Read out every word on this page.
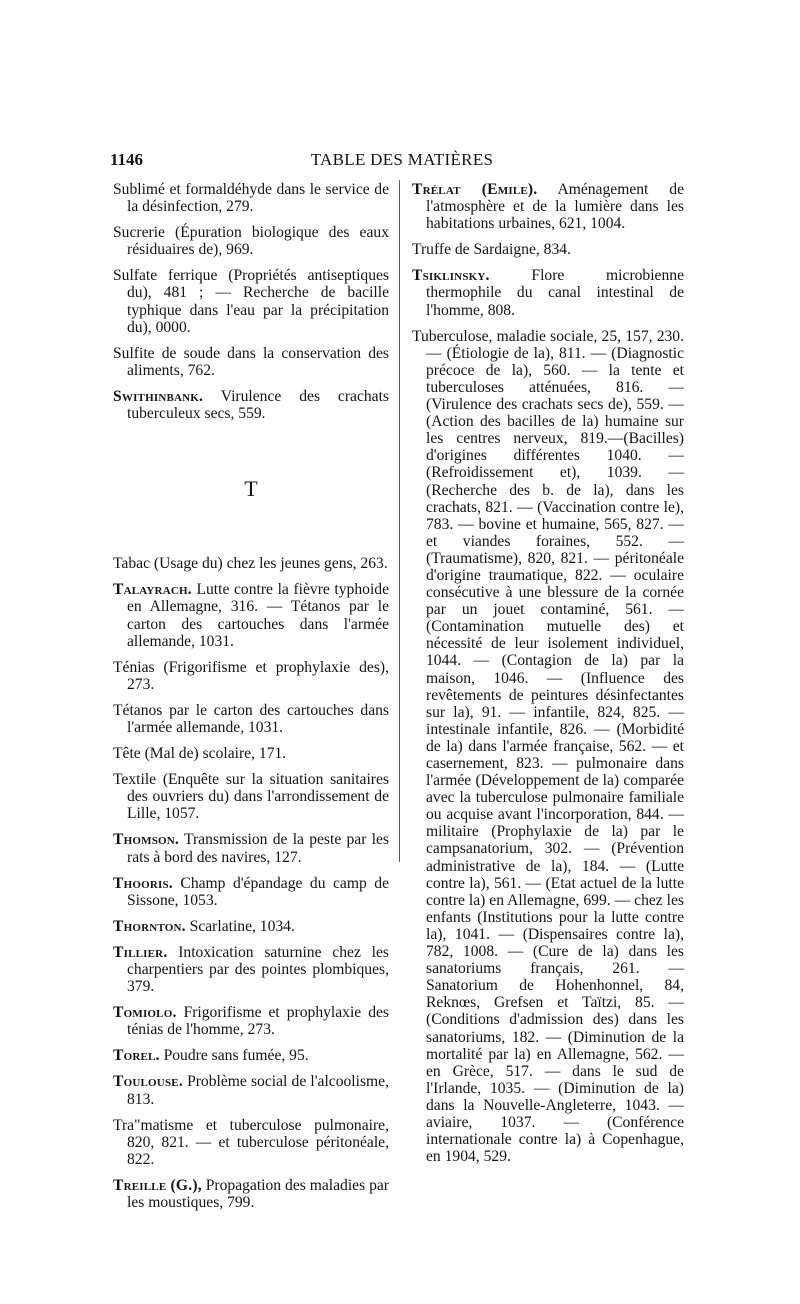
1146	TABLE DES MATIÈRES

Sublimé et formaldéhyde dans le service de la désinfection, 279.

Sucrerie (Épuration biologique des eaux résiduaires de), 969.

Sulfate ferrique (Propriétés antiseptiques du), 481 ; — Recherche de bacille typhique dans l'eau par la précipitation du), 0000.

Sulfite de soude dans la conservation des aliments, 762.

Swithinbank. Virulence des crachats tuberculeux secs, 559.

T

Tabac (Usage du) chez les jeunes gens, 263.

Talayrach. Lutte contre la fièvre typhoide en Allemagne, 316. — Tétanos par le carton des cartouches dans l'armée allemande, 1031.

Ténias (Frigorifisme et prophylaxie des), 273.

Tétanos par le carton des cartouches dans l'armée allemande, 1031.

Tête (Mal de) scolaire, 171.

Textile (Enquête sur la situation sanitaires des ouvriers du) dans l'arrondissement de Lille, 1057.

Thomson. Transmission de la peste par les rats à bord des navires, 127.

Thooris. Champ d'épandage du camp de Sissone, 1053.

Thornton. Scarlatine, 1034.

Tillier. Intoxication saturnine chez les charpentiers par des pointes plombiques, 379.

Tomiolo. Frigorifisme et prophylaxie des ténias de l'homme, 273.

Torel. Poudre sans fumée, 95.

Toulouse. Problème social de l'alcoolisme, 813.

Tra"matisme et tuberculose pulmonaire, 820, 821. — et tuberculose péritonéale, 822.

Treille (G.), Propagation des maladies par les moustiques, 799.

Trélat (Emile). Aménagement de l'atmosphère et de la lumière dans les habitations urbaines, 621, 1004.

Truffe de Sardaigne, 834.

Tsiklinsky. Flore microbienne thermophile du canal intestinal de l'homme, 808.

Tuberculose, maladie sociale, 25, 157, 230. — (Étiologie de la), 811. — (Diagnostic précoce de la), 560. — la tente et tuberculoses atténuées, 816. — (Virulence des crachats secs de), 559. — (Action des bacilles de la) humaine sur les centres nerveux, 819.—(Bacilles) d'origines différentes 1040. — (Refroidissement et), 1039. — (Recherche des b. de la), dans les crachats, 821. — (Vaccination contre le), 783. — bovine et humaine, 565, 827. — et viandes foraines, 552. — (Traumatisme), 820, 821. — péritonéale d'origine traumatique, 822. — oculaire consécutive à une blessure de la cornée par un jouet contaminé, 561. — (Contamination mutuelle des) et nécessité de leur isolement individuel, 1044. — (Contagion de la) par la maison, 1046. — (Influence des revêtements de peintures désinfectantes sur la), 91. — infantile, 824, 825. — intestinale infantile, 826. — (Morbidité de la) dans l'armée française, 562. — et casernement, 823. — pulmonaire dans l'armée (Développement de la) comparée avec la tuberculose pulmonaire familiale ou acquise avant l'incorporation, 844. — militaire (Prophylaxie de la) par le campsanatorium, 302. — (Prévention administrative de la), 184. — (Lutte contre la), 561. — (Etat actuel de la lutte contre la) en Allemagne, 699. — chez les enfants (Institutions pour la lutte contre la), 1041. — (Dispensaires contre la), 782, 1008. — (Cure de la) dans les sanatoriums français, 261. — Sanatorium de Hohenhonnel, 84, Reknœs, Grefsen et Taïtzi, 85. — (Conditions d'admission des) dans les sanatoriums, 182. — (Diminution de la mortalité par la) en Allemagne, 562. — en Grèce, 517. — dans le sud de l'Irlande, 1035. — (Diminution de la) dans la Nouvelle-Angleterre, 1043. — aviaire, 1037. — (Conférence internationale contre la) à Copenhague, en 1904, 529.
